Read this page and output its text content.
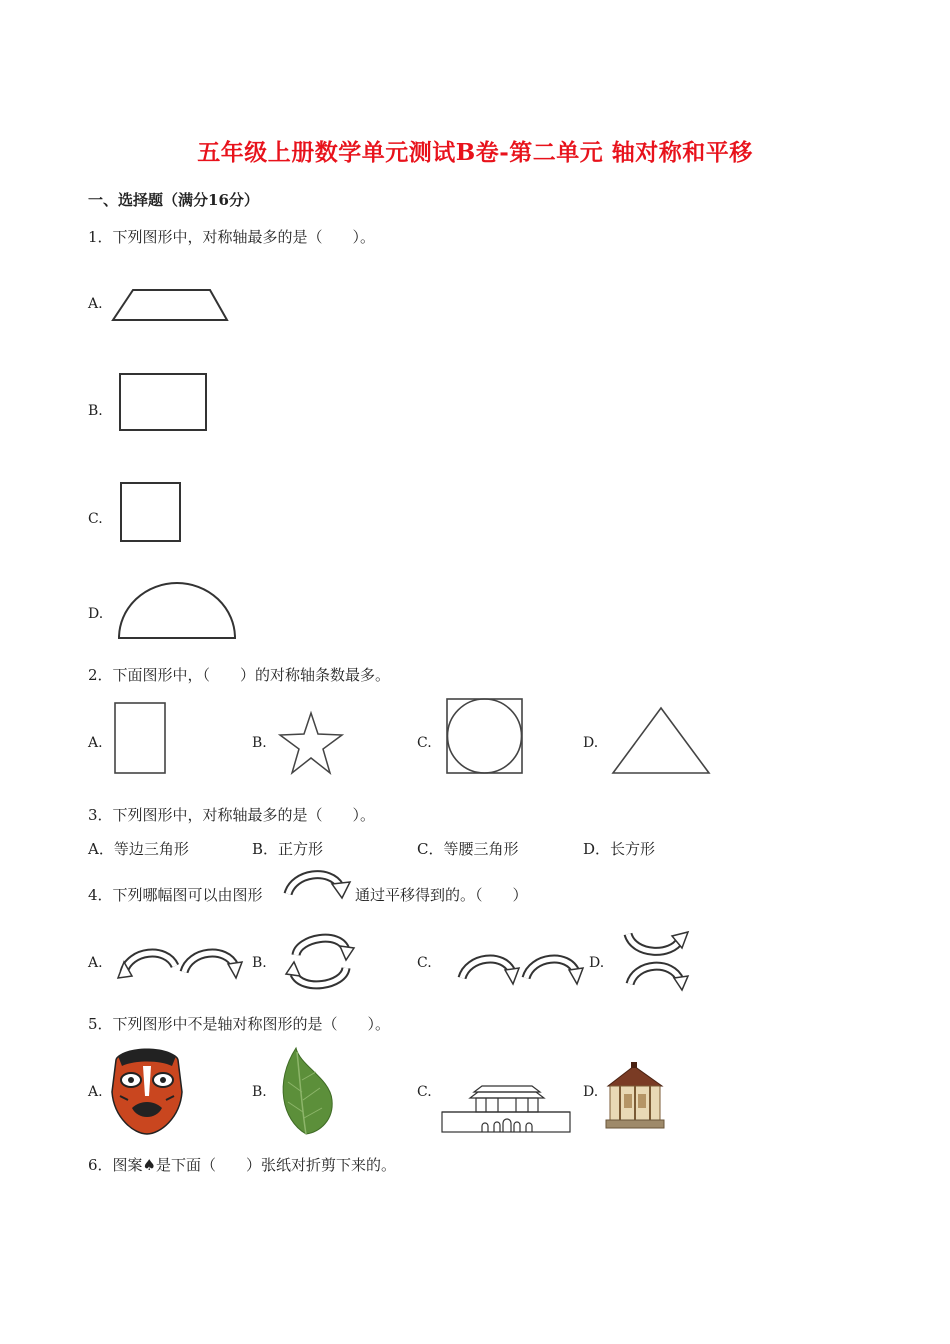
五年级上册数学单元测试B卷-第二单元 轴对称和平移
一、选择题（满分16分）
1．下列图形中，对称轴最多的是（　　）。
A.
B.
C.
D.
2．下面图形中，（　　）的对称轴条数最多。
A.	B.	C.	D.
3．下列图形中，对称轴最多的是（　　）。
A．等边三角形	B．正方形	C．等腰三角形	D．长方形
4．下列哪幅图可以由图形	通过平移得到的。（　　）
A.	B.	C.	D.
5．下列图形中不是轴对称图形的是（　　）。
A.	B.	C.	D.
6．图案♠是下面（　　）张纸对折剪下来的。
